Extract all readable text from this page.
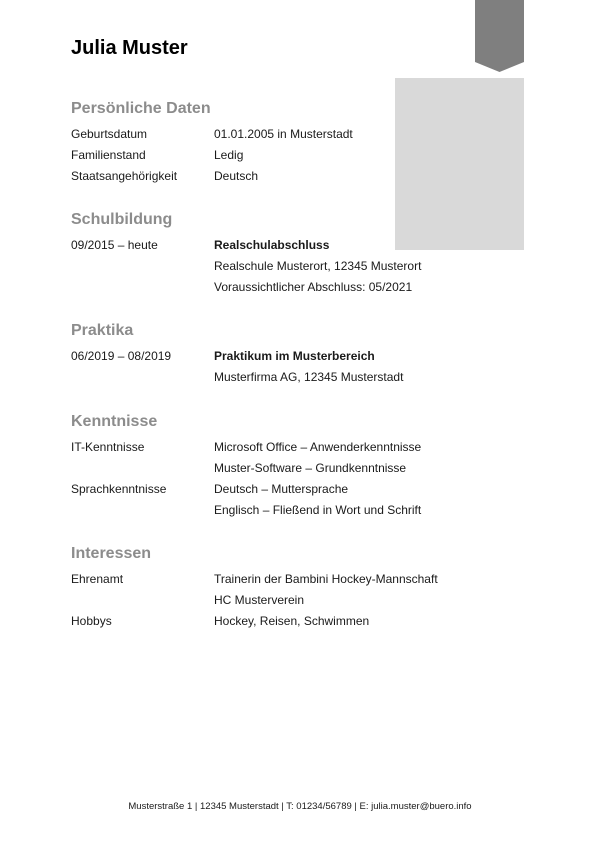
Julia Muster
Persönliche Daten
Geburtsdatum	01.01.2005 in Musterstadt
Familienstand	Ledig
Staatsangehörigkeit	Deutsch
Schulbildung
09/2015 – heute	Realschulabschluss
Realschule Musterort, 12345 Musterort
Voraussichtlicher Abschluss: 05/2021
Praktika
06/2019 – 08/2019	Praktikum im Musterbereich
Musterfirma AG, 12345 Musterstadt
Kenntnisse
IT-Kenntnisse	Microsoft Office – Anwenderkenntnisse
Muster-Software – Grundkenntnisse
Sprachkenntnisse	Deutsch – Muttersprache
Englisch – Fließend in Wort und Schrift
Interessen
Ehrenamt	Trainerin der Bambini Hockey-Mannschaft
HC Musterverein
Hobbys	Hockey, Reisen, Schwimmen
Musterstraße 1 | 12345 Musterstadt | T: 01234/56789 | E: julia.muster@buero.info
